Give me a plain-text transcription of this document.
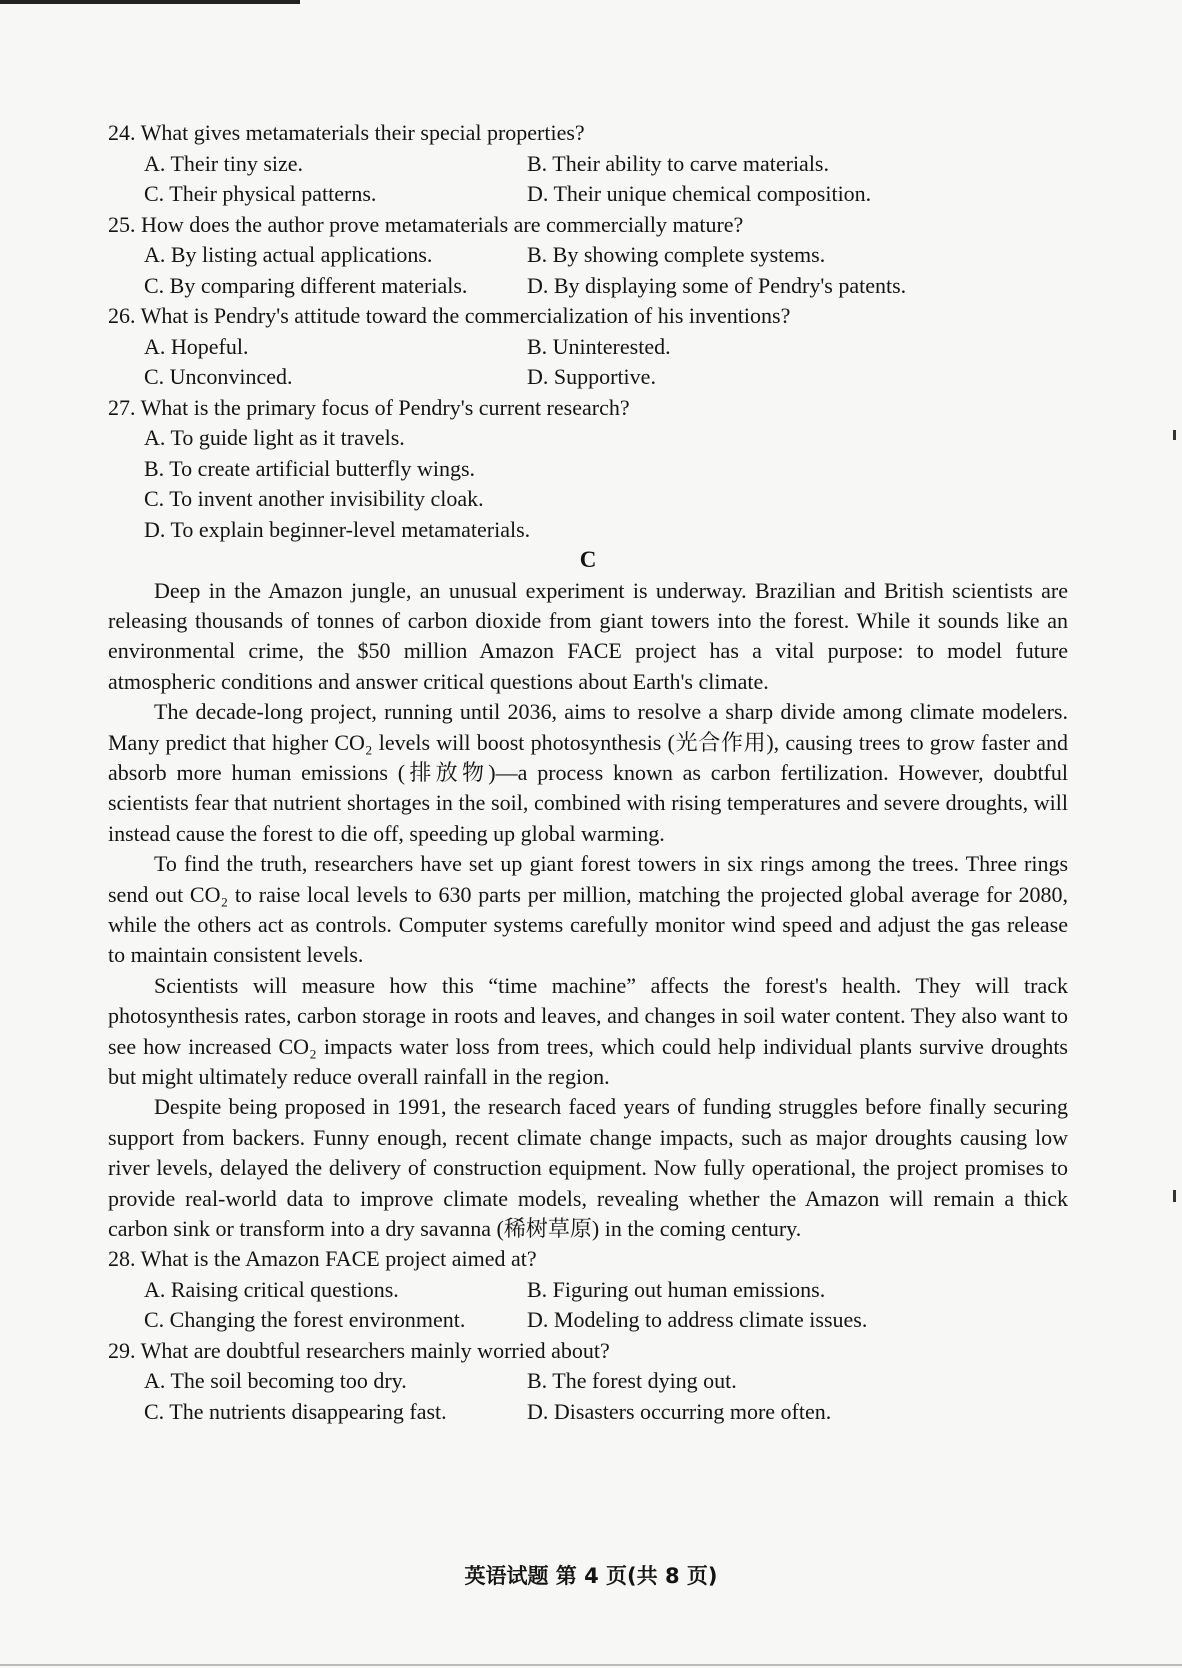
24. What gives metamaterials their special properties?

A. Their tiny size.	B. Their ability to carve materials.
C. Their physical patterns.	D. Their unique chemical composition.

25. How does the author prove metamaterials are commercially mature?

A. By listing actual applications.	B. By showing complete systems.
C. By comparing different materials.	D. By displaying some of Pendry's patents.

26. What is Pendry's attitude toward the commercialization of his inventions?

A. Hopeful.	B. Uninterested.
C. Unconvinced.	D. Supportive.

27. What is the primary focus of Pendry's current research?

A. To guide light as it travels.
B. To create artificial butterfly wings.
C. To invent another invisibility cloak.
D. To explain beginner-level metamaterials.

C

Deep in the Amazon jungle, an unusual experiment is underway. Brazilian and British scientists are releasing thousands of tonnes of carbon dioxide from giant towers into the forest. While it sounds like an environmental crime, the $50 million Amazon FACE project has a vital purpose: to model future atmospheric conditions and answer critical questions about Earth's climate.

The decade-long project, running until 2036, aims to resolve a sharp divide among climate modelers. Many predict that higher CO₂ levels will boost photosynthesis (光合作用), causing trees to grow faster and absorb more human emissions (排放物)—a process known as carbon fertilization. However, doubtful scientists fear that nutrient shortages in the soil, combined with rising temperatures and severe droughts, will instead cause the forest to die off, speeding up global warming.

To find the truth, researchers have set up giant forest towers in six rings among the trees. Three rings send out CO₂ to raise local levels to 630 parts per million, matching the projected global average for 2080, while the others act as controls. Computer systems carefully monitor wind speed and adjust the gas release to maintain consistent levels.

Scientists will measure how this “time machine” affects the forest's health. They will track photosynthesis rates, carbon storage in roots and leaves, and changes in soil water content. They also want to see how increased CO₂ impacts water loss from trees, which could help individual plants survive droughts but might ultimately reduce overall rainfall in the region.

Despite being proposed in 1991, the research faced years of funding struggles before finally securing support from backers. Funny enough, recent climate change impacts, such as major droughts causing low river levels, delayed the delivery of construction equipment. Now fully operational, the project promises to provide real-world data to improve climate models, revealing whether the Amazon will remain a thick carbon sink or transform into a dry savanna (稀树草原) in the coming century.

28. What is the Amazon FACE project aimed at?

A. Raising critical questions.	B. Figuring out human emissions.
C. Changing the forest environment.	D. Modeling to address climate issues.

29. What are doubtful researchers mainly worried about?

A. The soil becoming too dry.	B. The forest dying out.
C. The nutrients disappearing fast.	D. Disasters occurring more often.
英语试题 第 4 页(共 8 页)
